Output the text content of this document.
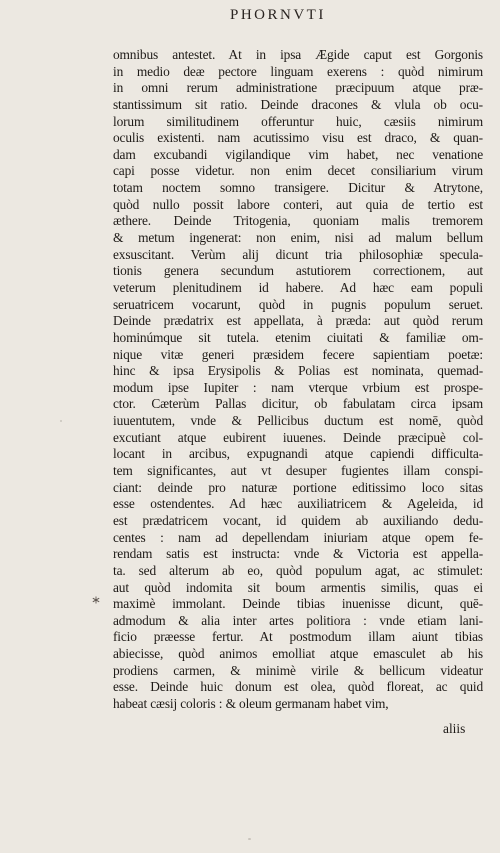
PHORNVTI
omnibus antestet. At in ipsa Ægide caput est Gorgonis
in medio deæ pectore linguam exerens : quòd nimirum
in omni rerum administratione præcipuum atque præ-
stantissimum sit ratio. Deinde dracones & vlula ob ocu-
lorum similitudinem offeruntur huic, cæsiis nimirum
oculis existenti. nam acutissimo visu est draco, & quan-
dam excubandi vigilandique vim habet, nec venatione
capi posse videtur. non enim decet consiliarium virum
totam noctem somno transigere. Dicitur & Atrytone,
quòd nullo possit labore conteri, aut quia de tertio est
æthere. Deinde Tritogenia, quoniam malis tremorem
& metum ingenerat: non enim, nisi ad malum bellum
exsuscitant. Verùm alij dicunt tria philosophiæ specula-
tionis genera secundum astutiorem correctionem, aut
veterum plenitudinem id habere. Ad hæc eam populi
seruatricem vocarunt, quòd in pugnis populum seruet.
Deinde prædatrix est appellata, à præda: aut quòd rerum
hominúmque sit tutela. etenim ciuitati & familiæ om-
nique vitæ generi præsidem fecere sapientiam poetæ:
hinc & ipsa Erysipolis & Polias est nominata, quemad-
modum ipse Iupiter : nam vterque vrbium est prospe-
ctor. Cæterùm Pallas dicitur, ob fabulatam circa ipsam
iuuentutem, vnde & Pellicibus ductum est nomē, quòd
excutiant atque eubirent iuuenes. Deinde præcipuè col-
locant in arcibus, expugnandi atque capiendi difficulta-
tem significantes, aut vt desuper fugientes illam conspi-
ciant: deinde pro naturæ portione editissimo loco sitas
esse ostendentes. Ad hæc auxiliatricem & Ageleida, id
est prædatricem vocant, id quidem ab auxiliando dedu-
centes : nam ad depellendam iniuriam atque opem fe-
rendam satis est instructa: vnde & Victoria est appella-
ta. sed alterum ab eo, quòd populum agat, ac stimulet:
aut quòd indomita sit boum armentis similis, quas ei
maximè immolant. Deinde tibias inuenisse dicunt, quē-
admodum & alia inter artes politiora : vnde etiam lani-
ficio præesse fertur. At postmodum illam aiunt tibias
abiecisse, quòd animos emolliat atque emasculet ab his
prodiens carmen, & minimè virile & bellicum videatur
esse. Deinde huic donum est olea, quòd floreat, ac quid
habeat cæsij coloris : & oleum germanam habet vim,
aliis
